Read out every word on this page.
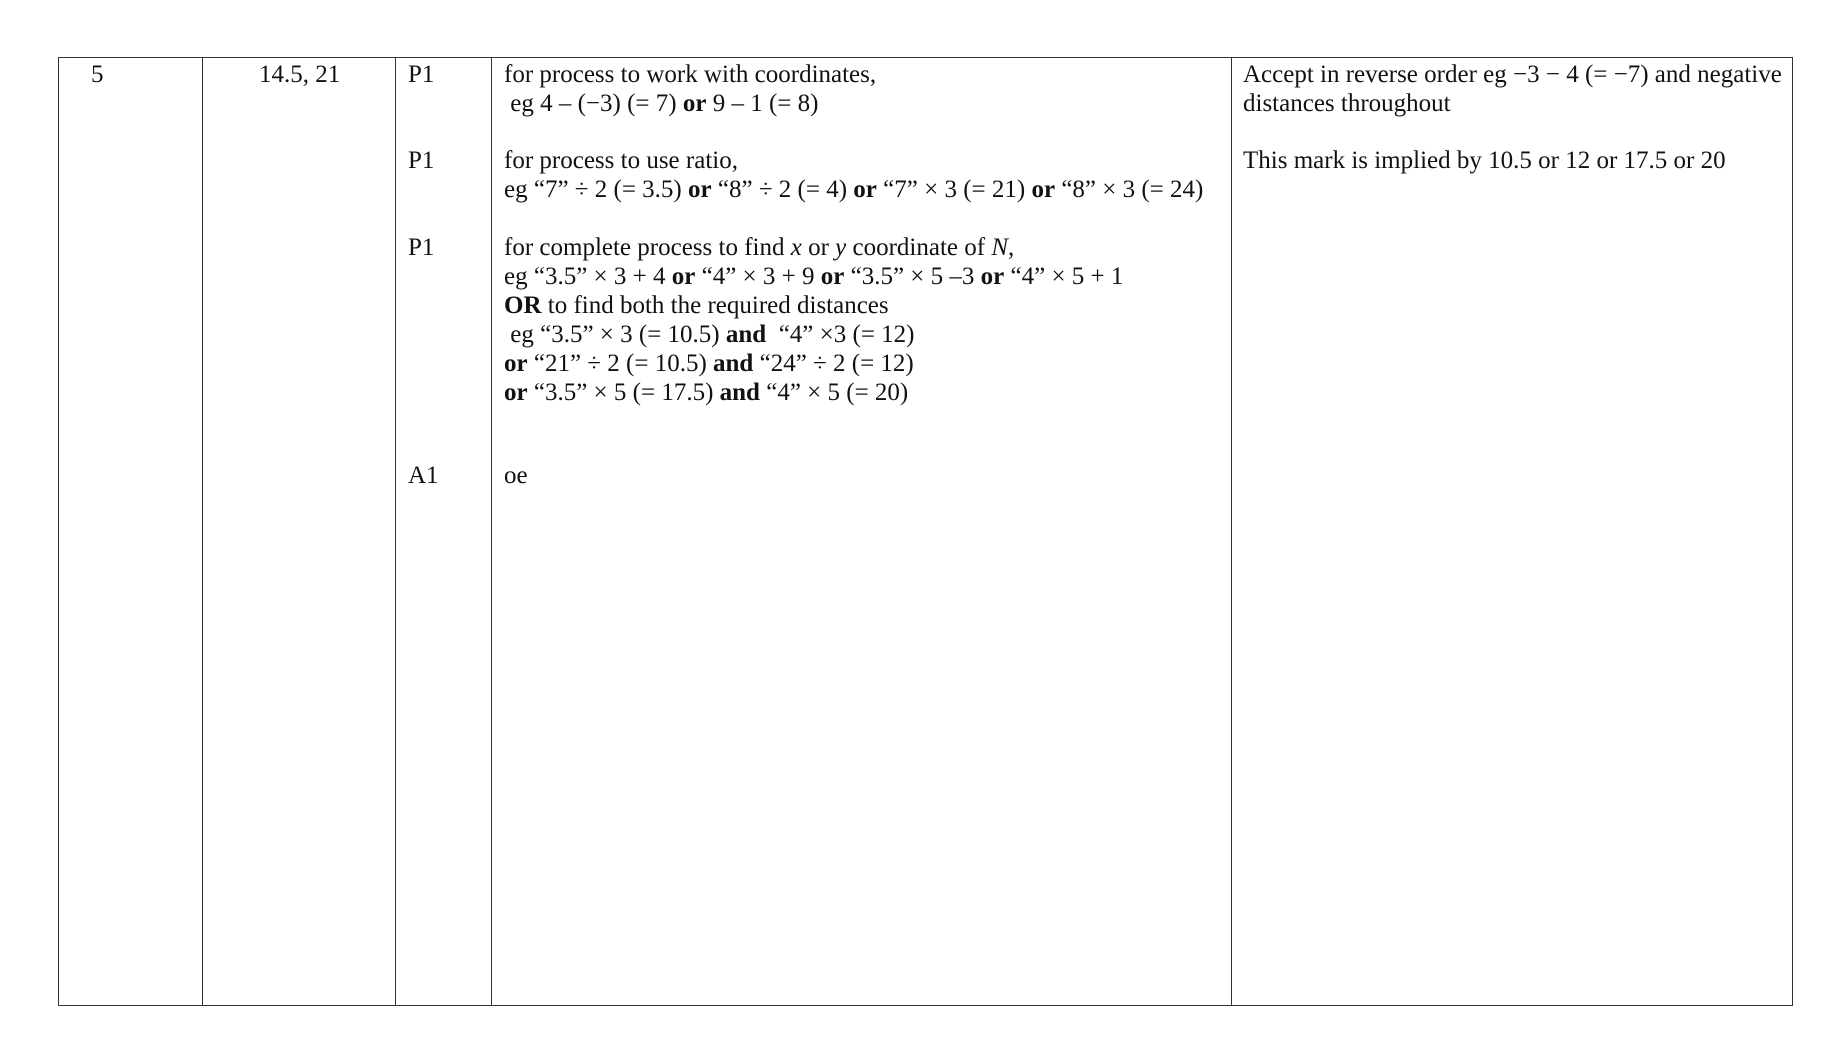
5	14.5, 21	P1
P1
P1
A1
for process to work with coordinates,
eg 4 – (−3) (= 7) or 9 – 1 (= 8)
for process to use ratio,
eg “7” ÷ 2 (= 3.5) or “8” ÷ 2 (= 4) or “7” × 3 (= 21) or “8” × 3 (= 24)
for complete process to find x or y coordinate of N,
eg “3.5” × 3 + 4 or “4” × 3 + 9 or “3.5” × 5 –3 or “4” × 5 + 1
OR to find both the required distances
eg “3.5” × 3 (= 10.5) and  “4” ×3 (= 12)
or “21” ÷ 2 (= 10.5) and “24” ÷ 2 (= 12)
or “3.5” × 5 (= 17.5) and “4” × 5 (= 20)
oe
Accept in reverse order eg −3 − 4 (= −7) and negative
distances throughout
This mark is implied by 10.5 or 12 or 17.5 or 20
